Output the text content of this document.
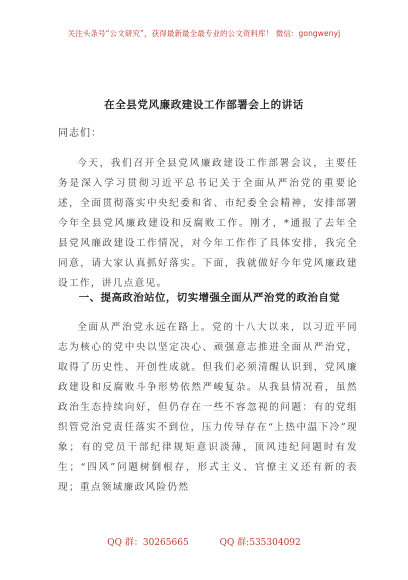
关注头条号“公文研究”，获得最新最全最专业的公文资料库！ 微信：gongwenyj
在全县党风廉政建设工作部署会上的讲话
同志们：

今天，我们召开全县党风廉政建设工作部署会议，主要任务是深入学习贯彻习近平总书记关于全面从严治党的重要论述，全面贯彻落实中央纪委和省、市纪委全会精神，安排部署今年全县党风廉政建设和反腐败工作。刚才，*通报了去年全县党风廉政建设工作情况，对今年工作作了具体安排，我完全同意，请大家认真抓好落实。下面，我就做好今年党风廉政建设工作，讲几点意见。

一、提高政治站位，切实增强全面从严治党的政治自觉

全面从严治党永远在路上。党的十八大以来，以习近平同志为核心的党中央以坚定决心、顽强意志推进全面从严治党，取得了历史性、开创性成就。但我们必须清醒认识到，党风廉政建设和反腐败斗争形势依然严峻复杂。从我县情况看，虽然政治生态持续向好，但仍存在一些不容忽视的问题：有的党组织管党治党责任落实不到位，压力传导存在“上热中温下冷”现象；有的党员干部纪律规矩意识淡薄，顶风违纪问题时有发生；“四风”问题树倒根存，形式主义、官僚主义还有新的表现；重点领域廉政风险仍然

QQ 群：30265665	QQ 群:535304092
